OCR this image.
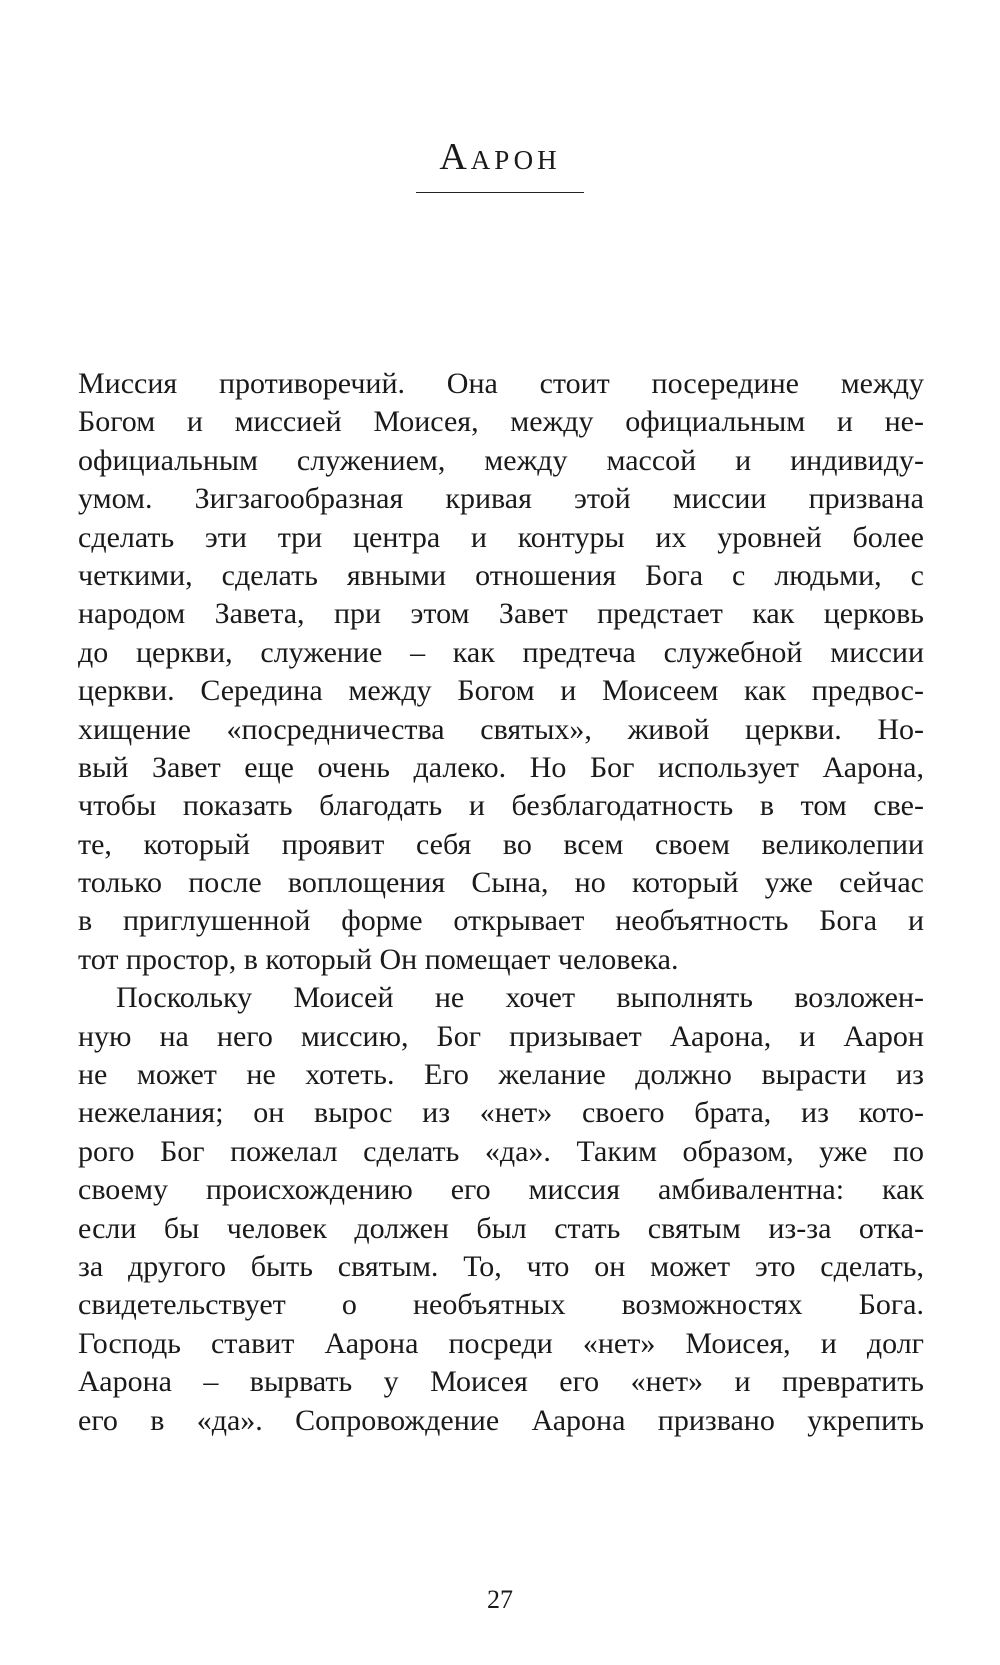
Аарон

Миссия противоречий. Она стоит посередине между
Богом и миссией Моисея, между официальным и не-
официальным служением, между массой и индивиду-
умом. Зигзагообразная кривая этой миссии призвана
сделать эти три центра и контуры их уровней более
четкими, сделать явными отношения Бога с людьми, с
народом Завета, при этом Завет предстает как церковь
до церкви, служение – как предтеча служебной миссии
церкви. Середина между Богом и Моисеем как предвос-
хищение «посредничества святых», живой церкви. Но-
вый Завет еще очень далеко. Но Бог использует Аарона,
чтобы показать благодать и безблагодатность в том све-
те, который проявит себя во всем своем великолепии
только после воплощения Сына, но который уже сейчас
в приглушенной форме открывает необъятность Бога и
тот простор, в который Он помещает человека.

Поскольку Моисей не хочет выполнять возложен-
ную на него миссию, Бог призывает Аарона, и Аарон
не может не хотеть. Его желание должно вырасти из
нежелания; он вырос из «нет» своего брата, из кото-
рого Бог пожелал сделать «да». Таким образом, уже по
своему происхождению его миссия амбивалентна: как
если бы человек должен был стать святым из-за отка-
за другого быть святым. То, что он может это сделать,
свидетельствует о необъятных возможностях Бога.
Господь ставит Аарона посреди «нет» Моисея, и долг
Аарона – вырвать у Моисея его «нет» и превратить
его в «да». Сопровождение Аарона призвано укрепить

27
